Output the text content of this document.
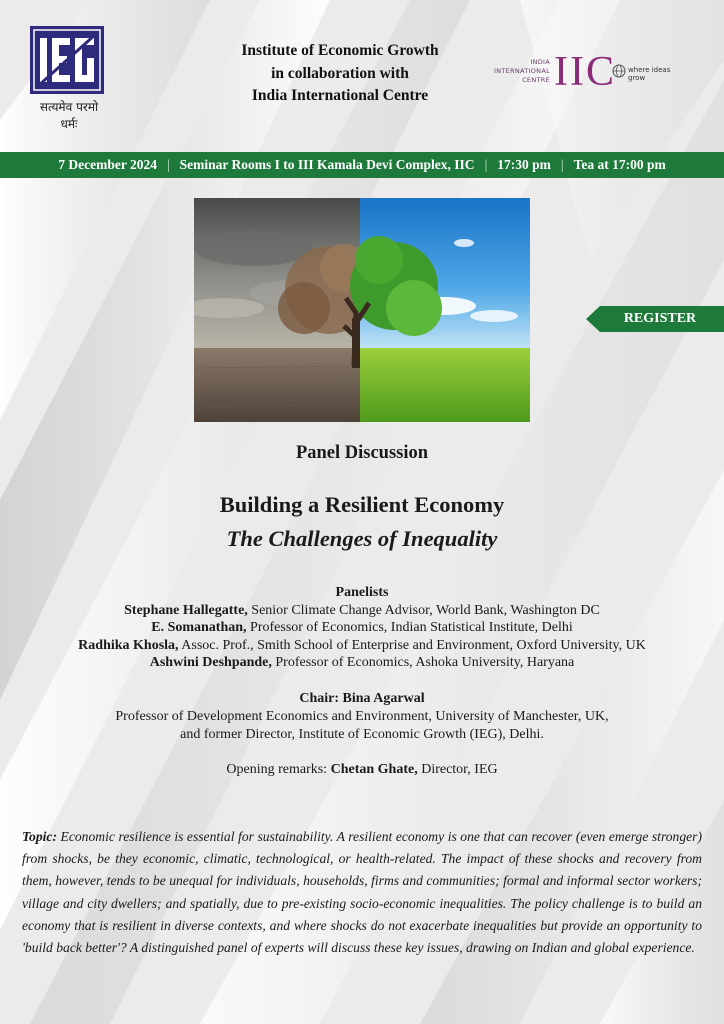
सत्यमेव परमो धर्मः
Institute of Economic Growth
in collaboration with
India International Centre
INDIA
INTERNATIONAL
CENTRE IIC where ideas grow
7 December 2024 | Seminar Rooms I to III Kamala Devi Complex, IIC | 17:30 pm | Tea at 17:00 pm
REGISTER
Panel Discussion
Building a Resilient Economy
The Challenges of Inequality
Panelists
Stephane Hallegatte, Senior Climate Change Advisor, World Bank, Washington DC
E. Somanathan, Professor of Economics, Indian Statistical Institute, Delhi
Radhika Khosla, Assoc. Prof., Smith School of Enterprise and Environment, Oxford University, UK
Ashwini Deshpande, Professor of Economics, Ashoka University, Haryana
Chair: Bina Agarwal
Professor of Development Economics and Environment, University of Manchester, UK,
and former Director, Institute of Economic Growth (IEG), Delhi.
Opening remarks: Chetan Ghate, Director, IEG
Topic: Economic resilience is essential for sustainability. A resilient economy is one that can recover (even emerge stronger) from shocks, be they economic, climatic, technological, or health-related. The impact of these shocks and recovery from them, however, tends to be unequal for individuals, households, firms and communities; formal and informal sector workers; village and city dwellers; and spatially, due to pre-existing socio-economic inequalities. The policy challenge is to build an economy that is resilient in diverse contexts, and where shocks do not exacerbate inequalities but provide an opportunity to 'build back better'? A distinguished panel of experts will discuss these key issues, drawing on Indian and global experience.
